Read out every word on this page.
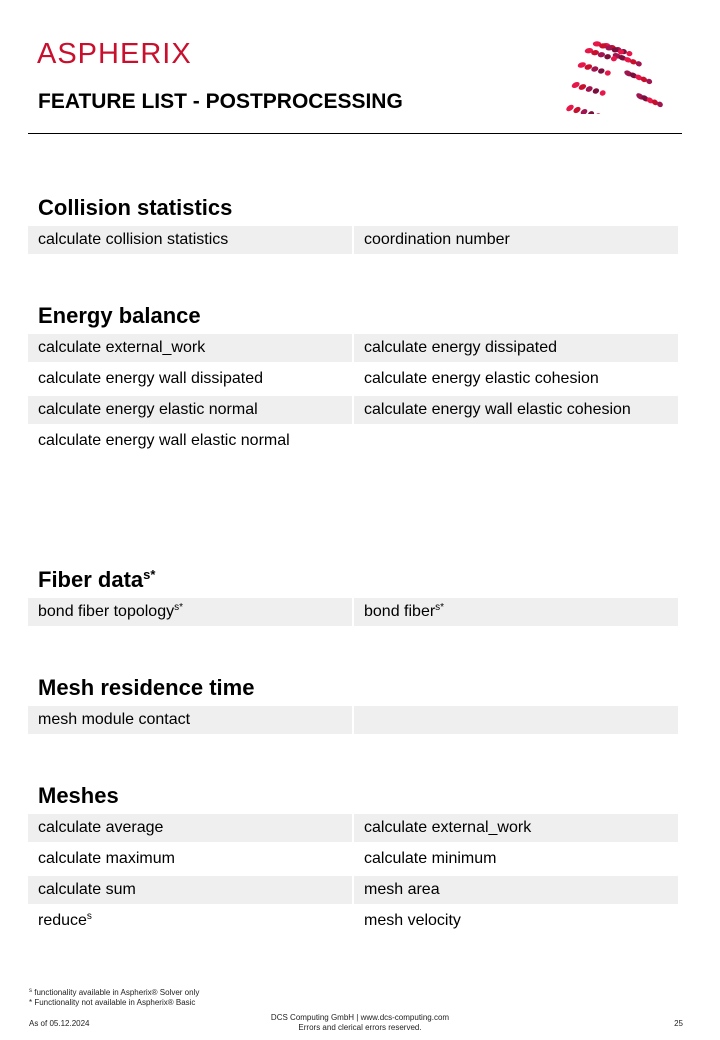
ASPHERIX
FEATURE LIST - POSTPROCESSING
Collision statistics
calculate collision statistics	coordination number
Energy balance
calculate external_work	calculate energy dissipated
calculate energy wall dissipated	calculate energy elastic cohesion
calculate energy elastic normal	calculate energy wall elastic cohesion
calculate energy wall elastic normal
Fiber data$^{s*}$
bond fiber topology$^{s*}$	bond fiber$^{s*}$
Mesh residence time
mesh module contact
Meshes
calculate average	calculate external_work
calculate maximum	calculate minimum
calculate sum	mesh area
reduce$^s$	mesh velocity
$^s$ functionality available in Aspherix® Solver only
* Functionality not available in Aspherix® Basic
As of 05.12.2024
DCS Computing GmbH | www.dcs-computing.com
Errors and clerical errors reserved.	25
